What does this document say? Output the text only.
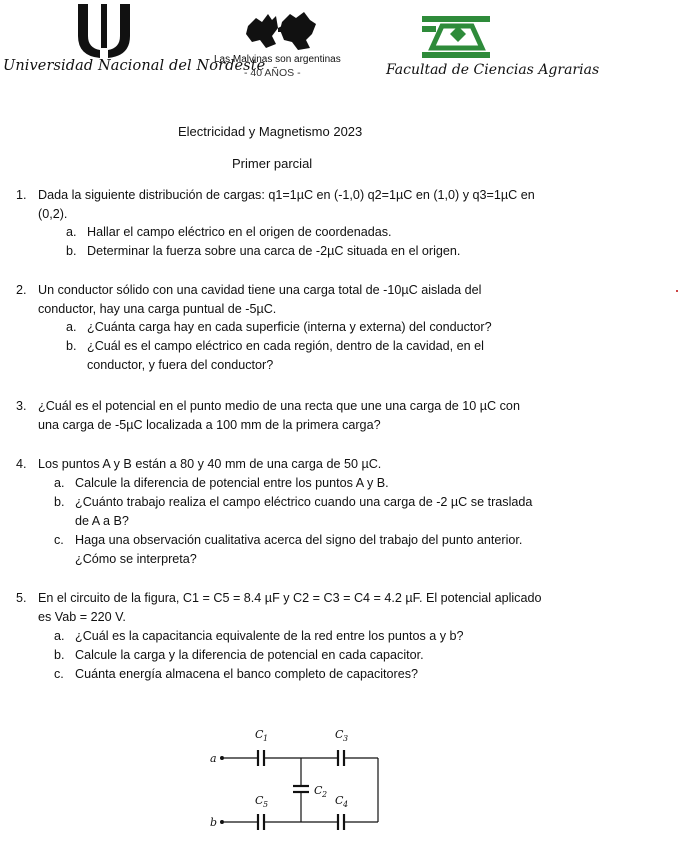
Universidad Nacional del Nordeste
Las Malvinas son argentinas
- 40 AÑOS -	Facultad de Ciencias Agrarias
Electricidad y Magnetismo 2023
Primer parcial
1. Dada la siguiente distribución de cargas: q1=1µC en (-1,0) q2=1µC en (1,0) y q3=1µC en
(0,2).
a. Hallar el campo eléctrico en el origen de coordenadas.
b. Determinar la fuerza sobre una carca de -2µC situada en el origen.
2. Un conductor sólido con una cavidad tiene una carga total de -10µC aislada del
conductor, hay una carga puntual de -5µC.
a. ¿Cuánta carga hay en cada superficie (interna y externa) del conductor?
b. ¿Cuál es el campo eléctrico en cada región, dentro de la cavidad, en el
conductor, y fuera del conductor?
3. ¿Cuál es el potencial en el punto medio de una recta que une una carga de 10 µC con
una carga de -5µC localizada a 100 mm de la primera carga?
4. Los puntos A y B están a 80 y 40 mm de una carga de 50 µC.
a. Calcule la diferencia de potencial entre los puntos A y B.
b. ¿Cuánto trabajo realiza el campo eléctrico cuando una carga de -2 µC se traslada
de A a B?
c. Haga una observación cualitativa acerca del signo del trabajo del punto anterior.
¿Cómo se interpreta?
5. En el circuito de la figura, C1 = C5 = 8.4 µF y C2 = C3 = C4 = 4.2 µF. El potencial aplicado
es Vab = 220 V.
a. ¿Cuál es la capacitancia equivalente de la red entre los puntos a y b?
b. Calcule la carga y la diferencia de potencial en cada capacitor.
c. Cuánta energía almacena el banco completo de capacitores?
a
b
C 1	C 3
C 2
C 5	C 4
